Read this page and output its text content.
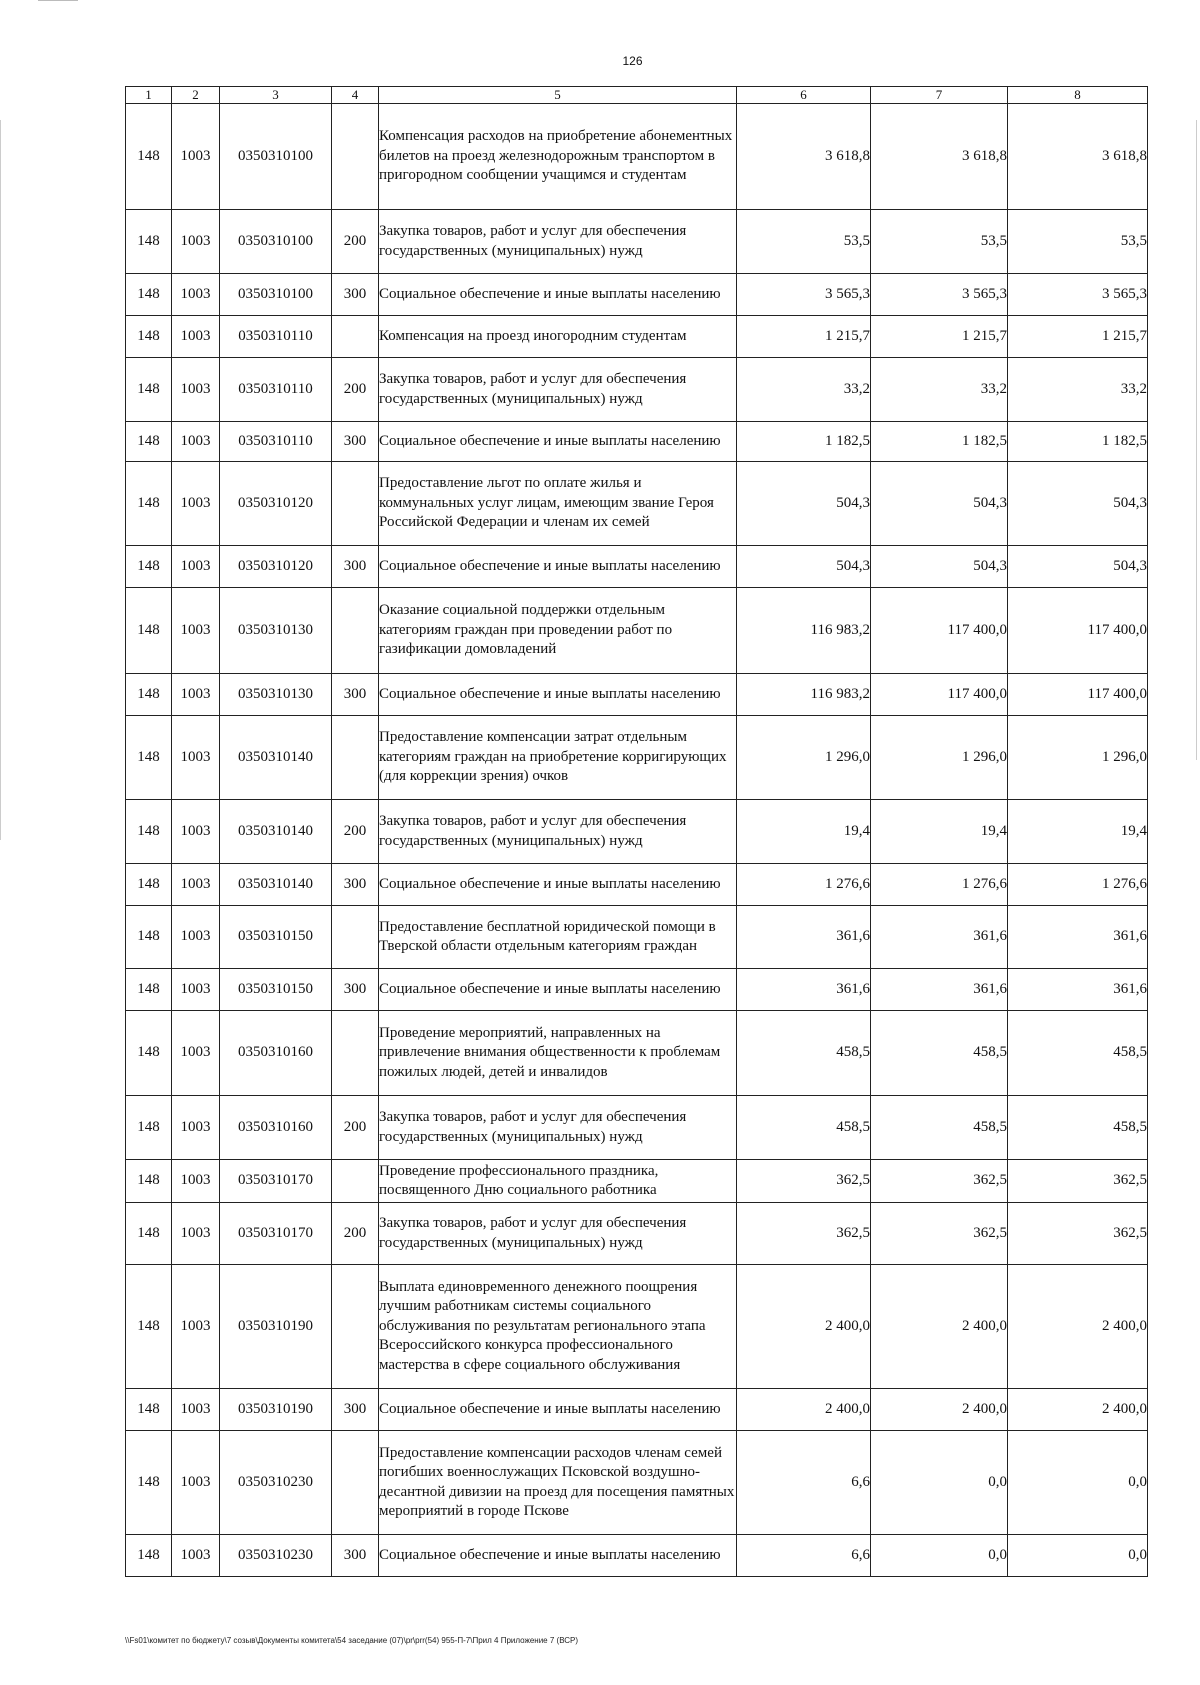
126
1	2	3	4	5	6	7	8
148	1003	0350310100		Компенсация расходов на приобретение абонементных билетов на проезд железнодорожным транспортом в пригородном сообщении учащимся и студентам	3 618,8	3 618,8	3 618,8
148	1003	0350310100	200	Закупка товаров, работ и услуг для обеспечения государственных (муниципальных) нужд	53,5	53,5	53,5
148	1003	0350310100	300	Социальное обеспечение и иные выплаты населению	3 565,3	3 565,3	3 565,3
148	1003	0350310110		Компенсация на проезд иногородним студентам	1 215,7	1 215,7	1 215,7
148	1003	0350310110	200	Закупка товаров, работ и услуг для обеспечения государственных (муниципальных) нужд	33,2	33,2	33,2
148	1003	0350310110	300	Социальное обеспечение и иные выплаты населению	1 182,5	1 182,5	1 182,5
148	1003	0350310120		Предоставление льгот по оплате жилья и коммунальных услуг лицам, имеющим звание Героя Российской Федерации и членам их семей	504,3	504,3	504,3
148	1003	0350310120	300	Социальное обеспечение и иные выплаты населению	504,3	504,3	504,3
148	1003	0350310130		Оказание социальной поддержки отдельным категориям граждан при проведении работ по газификации домовладений	116 983,2	117 400,0	117 400,0
148	1003	0350310130	300	Социальное обеспечение и иные выплаты населению	116 983,2	117 400,0	117 400,0
148	1003	0350310140		Предоставление компенсации затрат отдельным категориям граждан на приобретение корригирующих (для коррекции зрения) очков	1 296,0	1 296,0	1 296,0
148	1003	0350310140	200	Закупка товаров, работ и услуг для обеспечения государственных (муниципальных) нужд	19,4	19,4	19,4
148	1003	0350310140	300	Социальное обеспечение и иные выплаты населению	1 276,6	1 276,6	1 276,6
148	1003	0350310150		Предоставление бесплатной юридической помощи в Тверской области отдельным категориям граждан	361,6	361,6	361,6
148	1003	0350310150	300	Социальное обеспечение и иные выплаты населению	361,6	361,6	361,6
148	1003	0350310160		Проведение мероприятий, направленных на привлечение внимания общественности к проблемам пожилых людей, детей и инвалидов	458,5	458,5	458,5
148	1003	0350310160	200	Закупка товаров, работ и услуг для обеспечения государственных (муниципальных) нужд	458,5	458,5	458,5
148	1003	0350310170		Проведение профессионального праздника, посвященного Дню социального работника	362,5	362,5	362,5
148	1003	0350310170	200	Закупка товаров, работ и услуг для обеспечения государственных (муниципальных) нужд	362,5	362,5	362,5
148	1003	0350310190		Выплата единовременного денежного поощрения лучшим работникам системы социального обслуживания по результатам регионального этапа Всероссийского конкурса профессионального мастерства в сфере социального обслуживания	2 400,0	2 400,0	2 400,0
148	1003	0350310190	300	Социальное обеспечение и иные выплаты населению	2 400,0	2 400,0	2 400,0
148	1003	0350310230		Предоставление компенсации расходов членам семей погибших военнослужащих Псковской воздушно-десантной дивизии на проезд для посещения памятных мероприятий в городе Пскове	6,6	0,0	0,0
148	1003	0350310230	300	Социальное обеспечение и иные выплаты населению	6,6	0,0	0,0
\\Fs01\комитет по бюджету\7 созыв\Документы комитета\54 заседание (07)\pr\prr(54) 955-П-7\Прил 4 Приложение 7 (ВСР)
